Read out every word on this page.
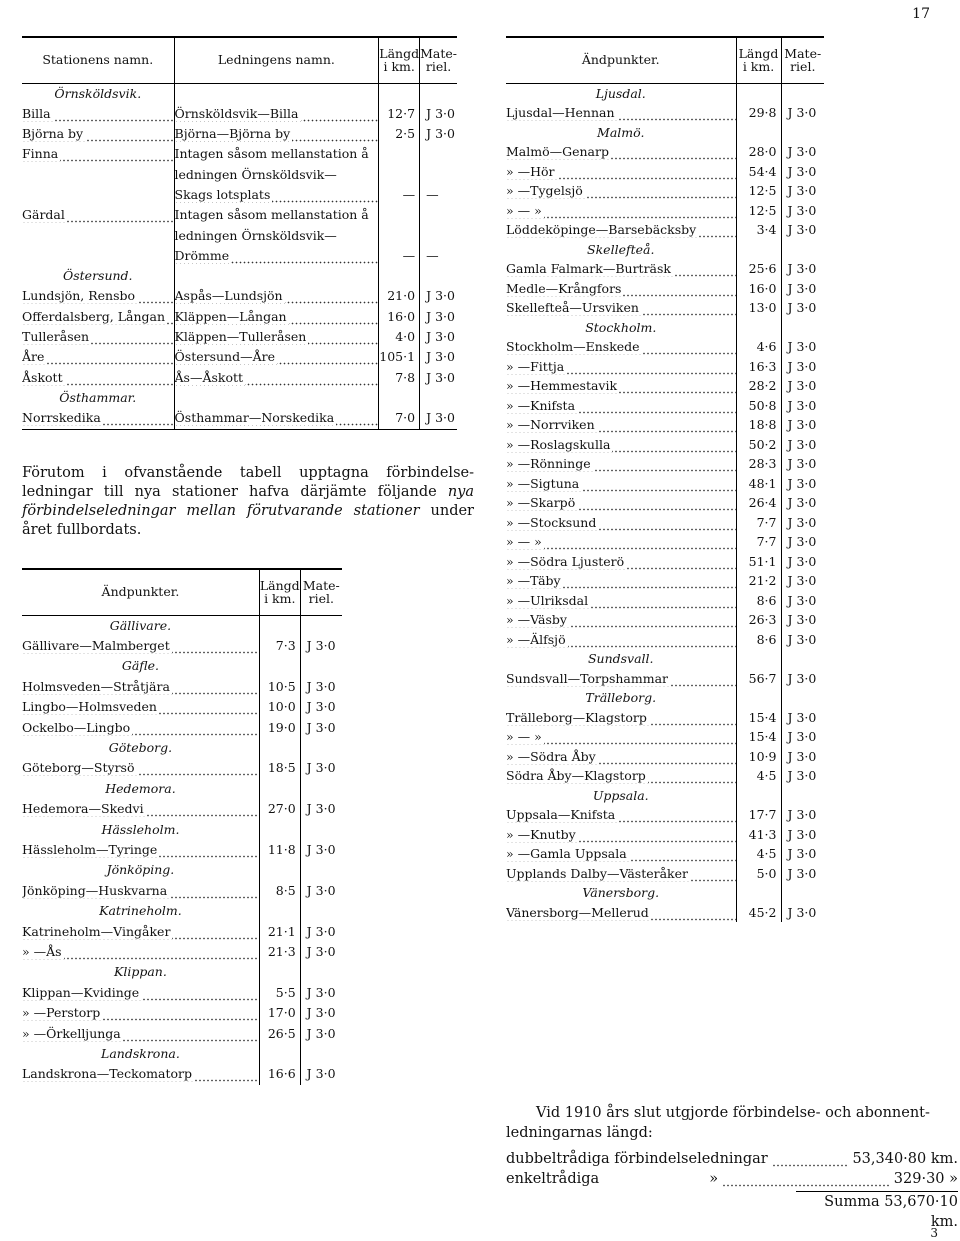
17
3
Stationens namn.	Ledningens namn.	Längd
i km.	Mate-
riel.
Örnsköldsvik.			
Billa	Örnsköldsvik—Billa	12·7	J 3·0
Björna by	Björna—Björna by	2·5	J 3·0
Finna	Intagen såsom mellanstation å		
	ledningen Örnsköldsvik—		
	Skags lotsplats	—	—
Gärdal	Intagen såsom mellanstation å		
	ledningen Örnsköldsvik—		
	Drömme	—	—
Östersund.			
Lundsjön, Rensbo	Aspås—Lundsjön	21·0	J 3·0
Offerdalsberg, Långan	Kläppen—Långan	16·0	J 3·0
Tulleråsen	Kläppen—Tulleråsen	4·0	J 3·0
Åre	Östersund—Åre	105·1	J 3·0
Åskott	Ås—Åskott	7·8	J 3·0
Östhammar.			
Norrskedika	Östhammar—Norskedika	7·0	J 3·0
Förutom i ofvanstående tabell upptagna förbindelse-ledningar till nya stationer hafva därjämte följande nya förbindelseledningar mellan förutvarande stationer under året fullbordats.
Ändpunkter.	Längd
i km.	Mate-
riel.
Gällivare.		
Gällivare—Malmberget	7·3	J 3·0
Gäfle.		
Holmsveden—Stråtjära	10·5	J 3·0
Lingbo—Holmsveden	10·0	J 3·0
Ockelbo—Lingbo	19·0	J 3·0
Göteborg.		
Göteborg—Styrsö	18·5	J 3·0
Hedemora.		
Hedemora—Skedvi	27·0	J 3·0
Hässleholm.		
Hässleholm—Tyringe	11·8	J 3·0
Jönköping.		
Jönköping—Huskvarna	8·5	J 3·0
Katrineholm.		
Katrineholm—Vingåker	21·1	J 3·0
» —Ås	21·3	J 3·0
Klippan.		
Klippan—Kvidinge	5·5	J 3·0
» —Perstorp	17·0	J 3·0
» —Örkelljunga	26·5	J 3·0
Landskrona.		
Landskrona—Teckomatorp	16·6	J 3·0
Ändpunkter.	Längd
i km.	Mate-
riel.
Ljusdal.		
Ljusdal—Hennan	29·8	J 3·0
Malmö.		
Malmö—Genarp	28·0	J 3·0
» —Hör	54·4	J 3·0
» —Tygelsjö	12·5	J 3·0
» — »	12·5	J 3·0
Löddeköpinge—Barsebäcksby	3·4	J 3·0
Skellefteå.		
Gamla Falmark—Burträsk	25·6	J 3·0
Medle—Krångfors	16·0	J 3·0
Skellefteå—Ursviken	13·0	J 3·0
Stockholm.		
Stockholm—Enskede	4·6	J 3·0
» —Fittja	16·3	J 3·0
» —Hemmestavik	28·2	J 3·0
» —Knifsta	50·8	J 3·0
» —Norrviken	18·8	J 3·0
» —Roslagskulla	50·2	J 3·0
» —Rönninge	28·3	J 3·0
» —Sigtuna	48·1	J 3·0
» —Skarpö	26·4	J 3·0
» —Stocksund	7·7	J 3·0
» — »	7·7	J 3·0
» —Södra Ljusterö	51·1	J 3·0
» —Täby	21·2	J 3·0
» —Ulriksdal	8·6	J 3·0
» —Väsby	26·3	J 3·0
» —Älfsjö	8·6	J 3·0
Sundsvall.		
Sundsvall—Torpshammar	56·7	J 3·0
Trälleborg.		
Trälleborg—Klagstorp	15·4	J 3·0
» — »	15·4	J 3·0
» —Södra Åby	10·9	J 3·0
Södra Åby—Klagstorp	4·5	J 3·0
Uppsala.		
Uppsala—Knifsta	17·7	J 3·0
» —Knutby	41·3	J 3·0
» —Gamla Uppsala	4·5	J 3·0
Upplands Dalby—Västeråker	5·0	J 3·0
Vänersborg.		
Vänersborg—Mellerud	45·2	J 3·0
Vid 1910 års slut utgjorde förbindelse- och abonnent-ledningarnas längd:
dubbeltrådiga förbindelseledningar	53,340·80 km.
enkeltrådiga	»	329·30 »
Summa 53,670·10 km.
